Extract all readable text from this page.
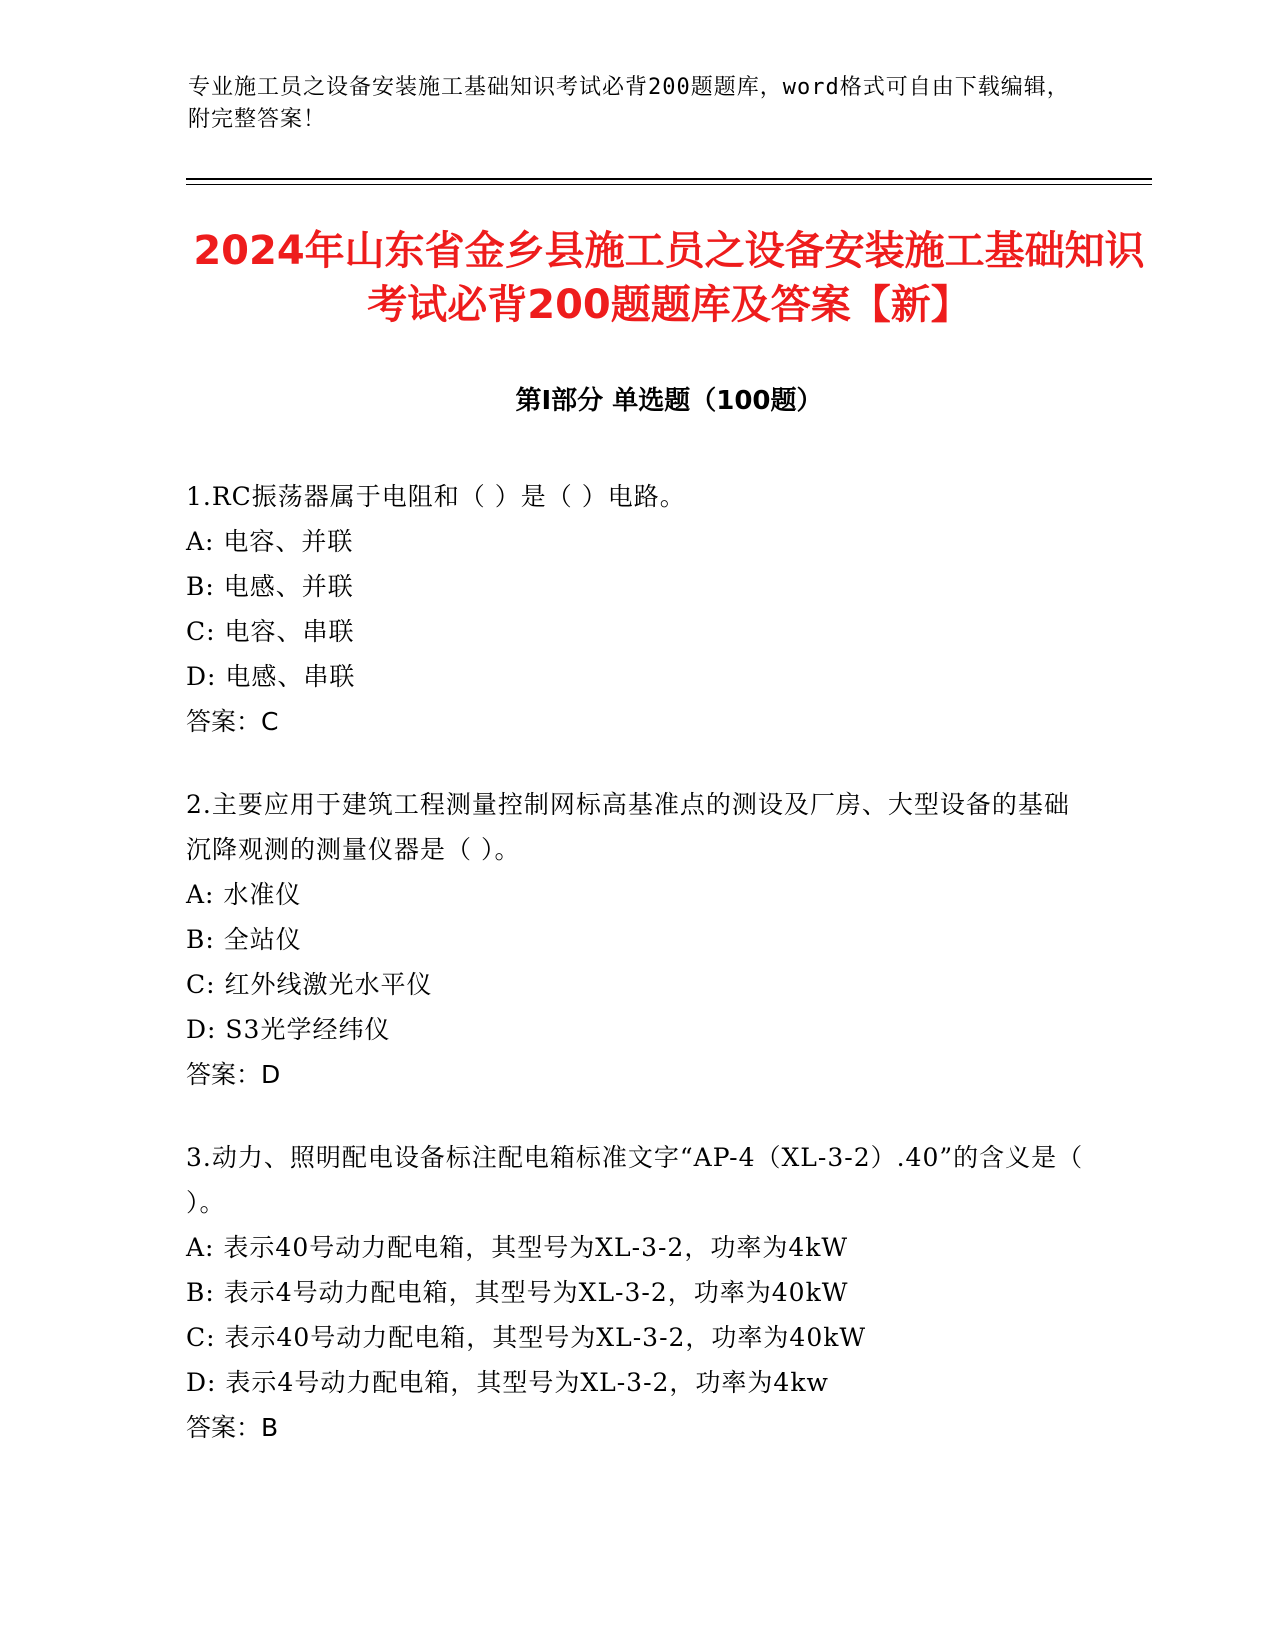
专业施工员之设备安装施工基础知识考试必背200题题库，word格式可自由下载编辑，附完整答案！
2024年山东省金乡县施工员之设备安装施工基础知识考试必背200题题库及答案【新】
第Ⅰ部分 单选题（100题）
1.RC振荡器属于电阻和（ ）是（ ）电路。
A: 电容、并联
B: 电感、并联
C: 电容、串联
D: 电感、串联
答案：C
2.主要应用于建筑工程测量控制网标高基准点的测设及厂房、大型设备的基础沉降观测的测量仪器是（ ）。
A: 水准仪
B: 全站仪
C: 红外线激光水平仪
D: S3光学经纬仪
答案：D
3.动力、照明配电设备标注配电箱标准文字“AP-4（XL-3-2）.40”的含义是（ ）。
A: 表示40号动力配电箱，其型号为XL-3-2，功率为4kW
B: 表示4号动力配电箱，其型号为XL-3-2，功率为40kW
C: 表示40号动力配电箱，其型号为XL-3-2，功率为40kW
D: 表示4号动力配电箱，其型号为XL-3-2，功率为4kw
答案：B
